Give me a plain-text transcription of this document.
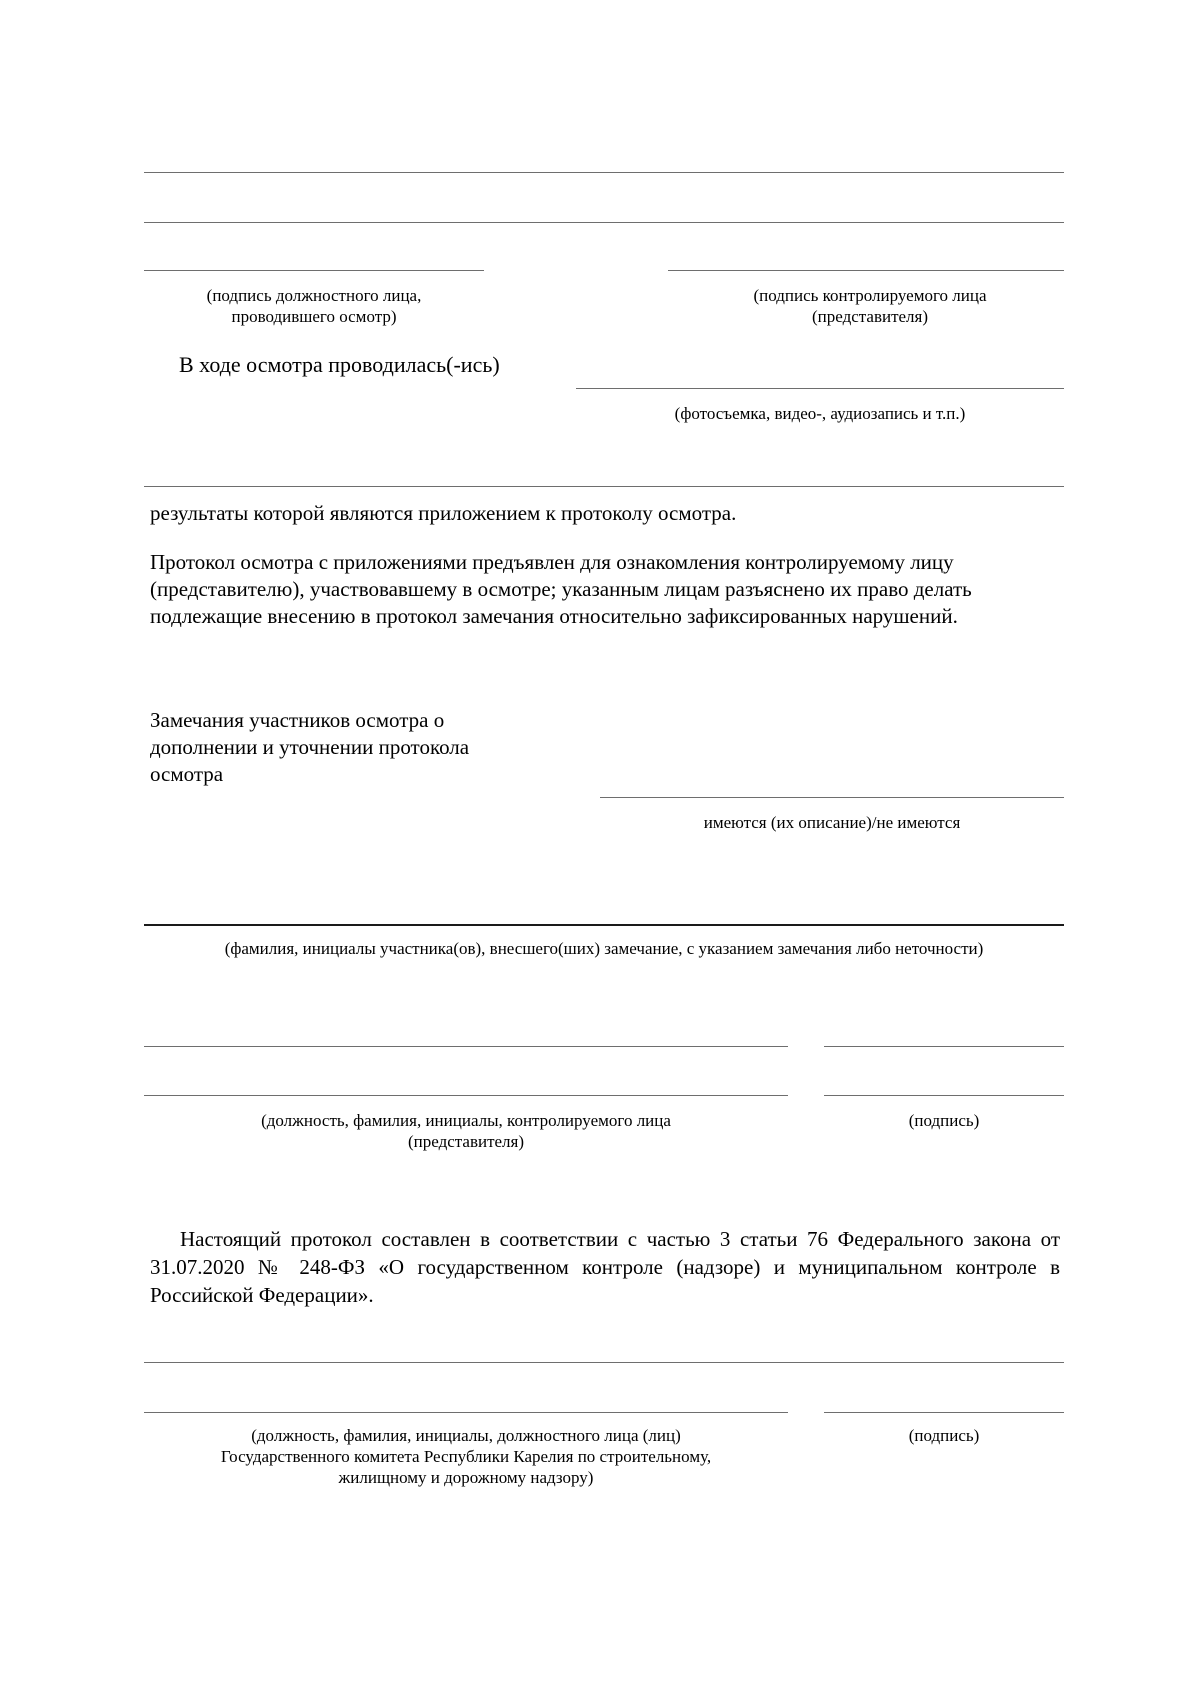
(подпись должностного лица,
проводившего осмотр)
(подпись контролируемого лица
(представителя)
В ходе осмотра проводилась(-ись)
(фотосъемка, видео-, аудиозапись и т.п.)
результаты которой являются приложением к протоколу осмотра.

Протокол осмотра с приложениями предъявлен для ознакомления контролируемому лицу (представителю), участвовавшему в осмотре; указанным лицам разъяснено их право делать подлежащие внесению в протокол замечания относительно зафиксированных нарушений.

Замечания участников осмотра о
дополнении и уточнении протокола
осмотра
имеются (их описание)/не имеются
(фамилия, инициалы участника(ов), внесшего(ших) замечание, с указанием замечания либо неточности)
(должность, фамилия, инициалы, контролируемого лица
(представителя)
(подпись)
Настоящий протокол составлен в соответствии с частью 3 статьи 76 Федерального закона от 31.07.2020 № 248-ФЗ «О государственном контроле (надзоре) и муниципальном контроле в Российской Федерации».
(должность, фамилия, инициалы, должностного лица (лиц)
Государственного комитета Республики Карелия по строительному,
жилищному и дорожному надзору)
(подпись)
